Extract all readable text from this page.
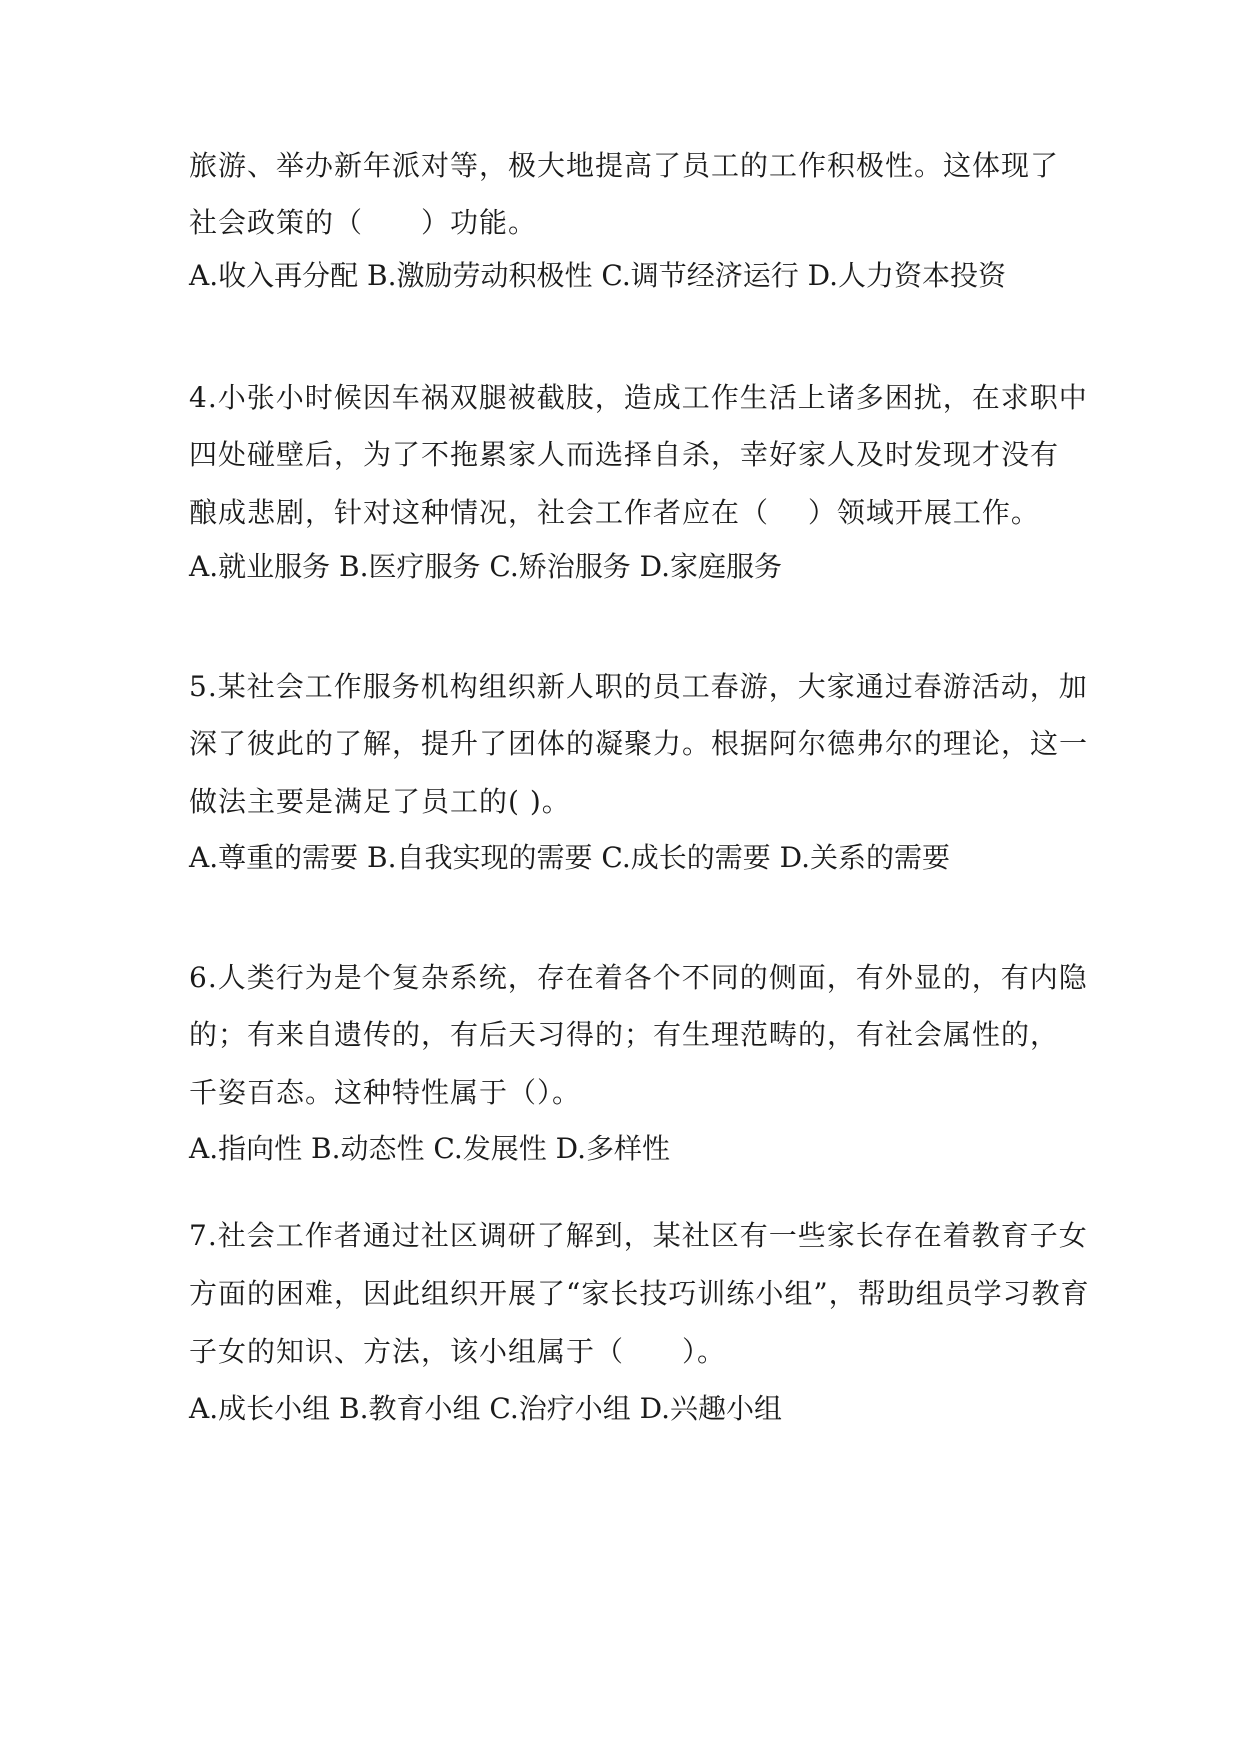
旅游、举办新年派对等，极大地提高了员工的工作积极性。这体现了
社会政策的（　　）功能。
A.收入再分配 B.激励劳动积极性 C.调节经济运行 D.人力资本投资
4.小张小时候因车祸双腿被截肢，造成工作生活上诸多困扰，在求职中
四处碰壁后，为了不拖累家人而选择自杀，幸好家人及时发现才没有
酿成悲剧，针对这种情况，社会工作者应在（　 ）领域开展工作。
A.就业服务 B.医疗服务 C.矫治服务 D.家庭服务
5.某社会工作服务机构组织新人职的员工春游，大家通过春游活动，加
深了彼此的了解，提升了团体的凝聚力。根据阿尔德弗尔的理论，这一
做法主要是满足了员工的( )。
A.尊重的需要 B.自我实现的需要 C.成长的需要 D.关系的需要
6.人类行为是个复杂系统，存在着各个不同的侧面，有外显的，有内隐
的；有来自遗传的，有后天习得的；有生理范畴的，有社会属性的，
千姿百态。这种特性属于（）。
A.指向性 B.动态性 C.发展性 D.多样性
7.社会工作者通过社区调研了解到，某社区有一些家长存在着教育子女
方面的困难，因此组织开展了“家长技巧训练小组”，帮助组员学习教育
子女的知识、方法，该小组属于（　　）。
A.成长小组 B.教育小组 C.治疗小组 D.兴趣小组
